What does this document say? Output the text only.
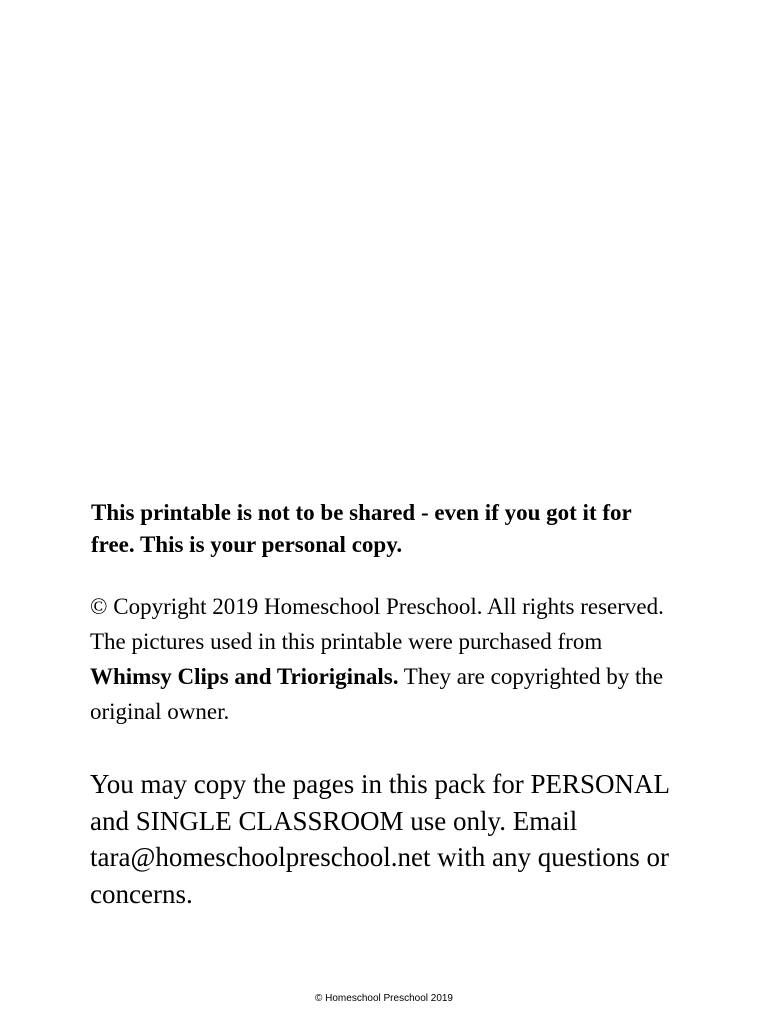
This printable is not to be shared - even if you got it for free. This is your personal copy.

© Copyright 2019 Homeschool Preschool. All rights reserved. The pictures used in this printable were purchased from Whimsy Clips and Trioriginals. They are copyrighted by the original owner.

You may copy the pages in this pack for PERSONAL and SINGLE CLASSROOM use only. Email tara@homeschoolpreschool.net with any questions or concerns.

© Homeschool Preschool 2019
